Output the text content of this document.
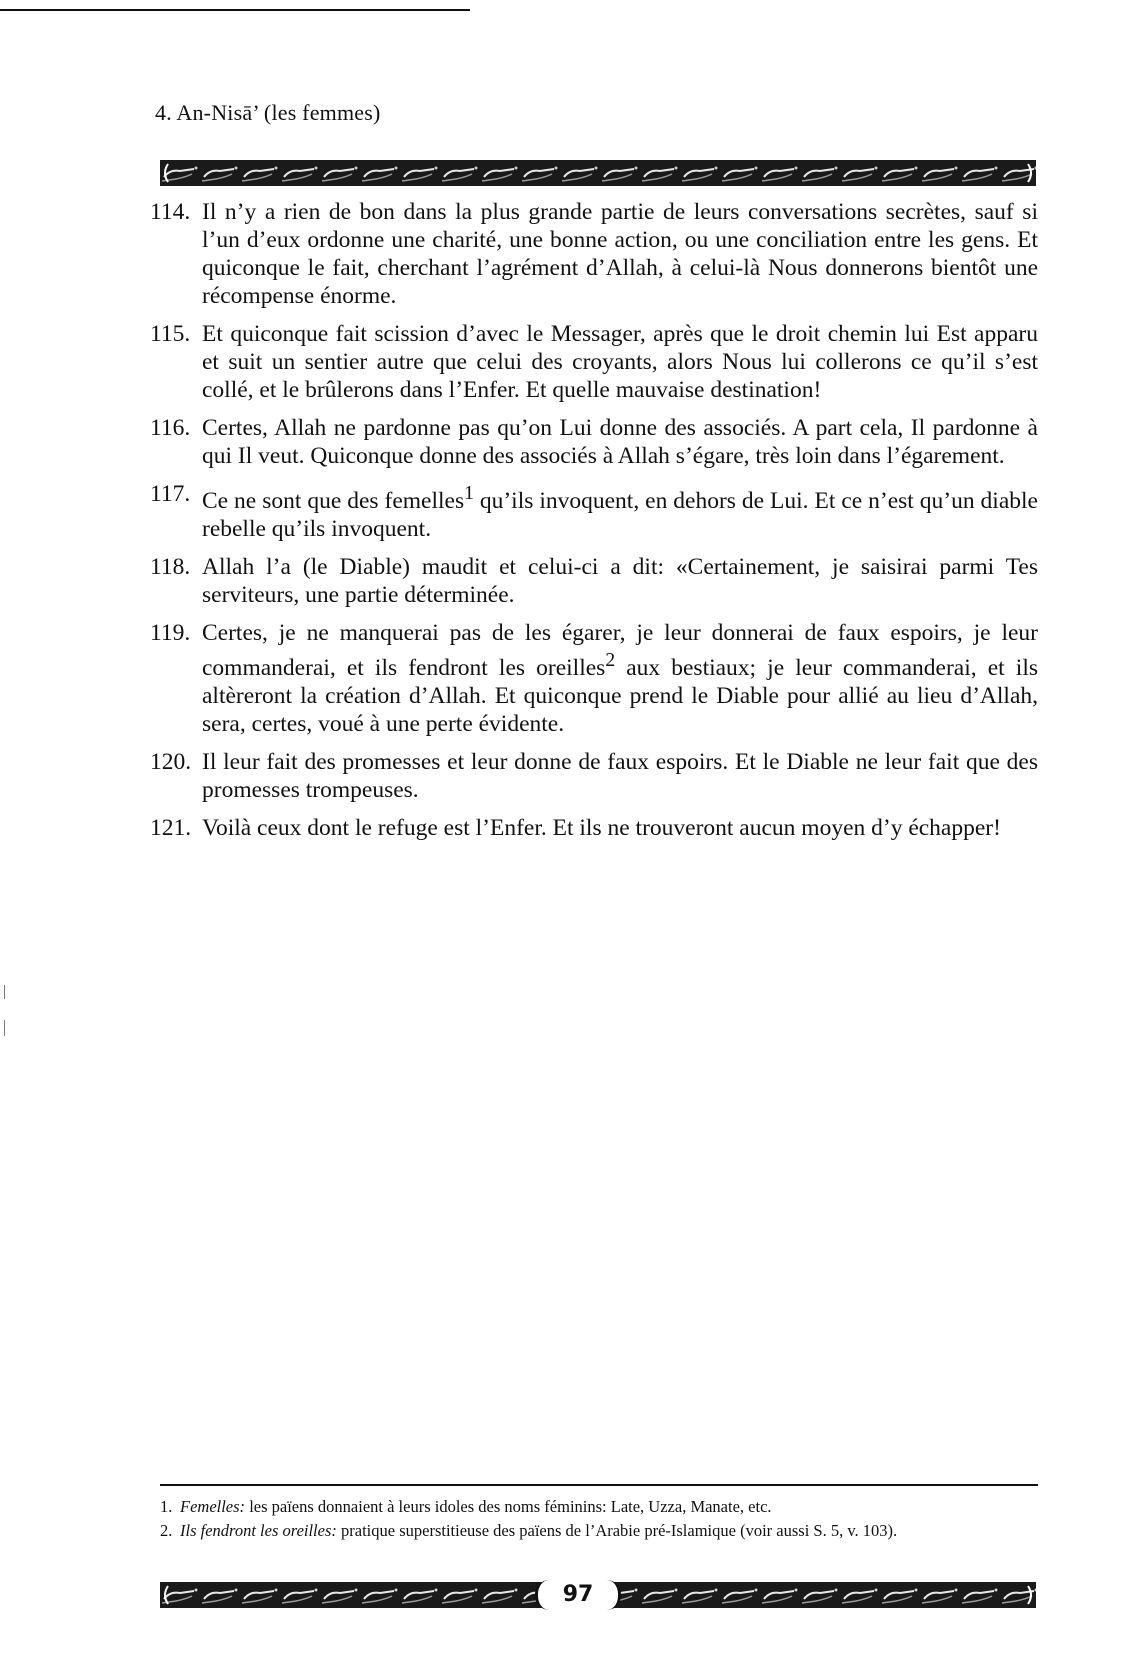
4. An-Nisā’ (les femmes)
114. Il n’y a rien de bon dans la plus grande partie de leurs conversations secrètes, sauf si l’un d’eux ordonne une charité, une bonne action, ou une conciliation entre les gens. Et quiconque le fait, cherchant l’agrément d’Allah, à celui-là Nous donnerons bientôt une récompense énorme.
115. Et quiconque fait scission d’avec le Messager, après que le droit chemin lui Est apparu et suit un sentier autre que celui des croyants, alors Nous lui collerons ce qu’il s’est collé, et le brûlerons dans l’Enfer. Et quelle mauvaise destination!
116. Certes, Allah ne pardonne pas qu’on Lui donne des associés. A part cela, Il pardonne à qui Il veut. Quiconque donne des associés à Allah s’égare, très loin dans l’égarement.
117. Ce ne sont que des femelles$^1$ qu’ils invoquent, en dehors de Lui. Et ce n’est qu’un diable rebelle qu’ils invoquent.
118. Allah l’a (le Diable) maudit et celui-ci a dit: «Certainement, je saisirai parmi Tes serviteurs, une partie déterminée.
119. Certes, je ne manquerai pas de les égarer, je leur donnerai de faux espoirs, je leur commanderai, et ils fendront les oreilles$^2$ aux bestiaux; je leur commanderai, et ils altèreront la création d’Allah. Et quiconque prend le Diable pour allié au lieu d’Allah, sera, certes, voué à une perte évidente.
120. Il leur fait des promesses et leur donne de faux espoirs. Et le Diable ne leur fait que des promesses trompeuses.
121. Voilà ceux dont le refuge est l’Enfer. Et ils ne trouveront aucun moyen d’y échapper!
1. Femelles: les païens donnaient à leurs idoles des noms féminins: Late, Uzza, Manate, etc.
2. Ils fendront les oreilles: pratique superstitieuse des païens de l’Arabie pré-Islamique (voir aussi S. 5, v. 103).
97
